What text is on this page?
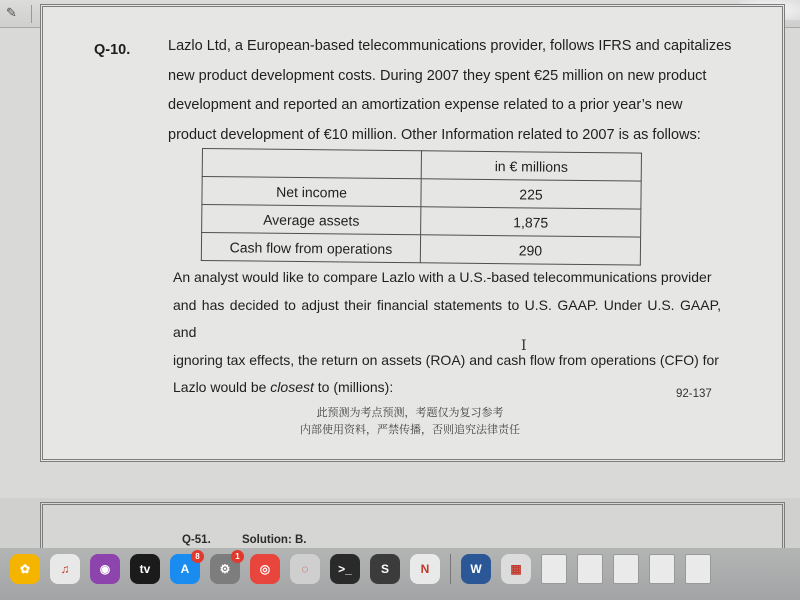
✎
Q-10.	Lazlo Ltd, a European-based telecommunications provider, follows IFRS and capitalizes
new product development costs. During 2007 they spent €25 million on new product
development and reported an amortization expense related to a prior year’s new
product development of €10 million. Other Information related to 2007 is as follows:
	in € millions
Net income	225
Average assets	1,875
Cash flow from operations	290
An analyst would like to compare Lazlo with a U.S.-based telecommunications provider
and has decided to adjust their financial statements to U.S. GAAP. Under U.S. GAAP, and
ignoring tax effects, the return on assets (ROA) and cash flow from operations (CFO) for
Lazlo would be closest to (millions):
I
92-137
此预测为考点预测，考题仅为复习参考
内部使用资料，严禁传播，否则追究法律责任
Q-51.	Solution: B.
✿	♫	◉	tv	A
8
⚙
1
◎	◌	>_	S	N	W	▦
